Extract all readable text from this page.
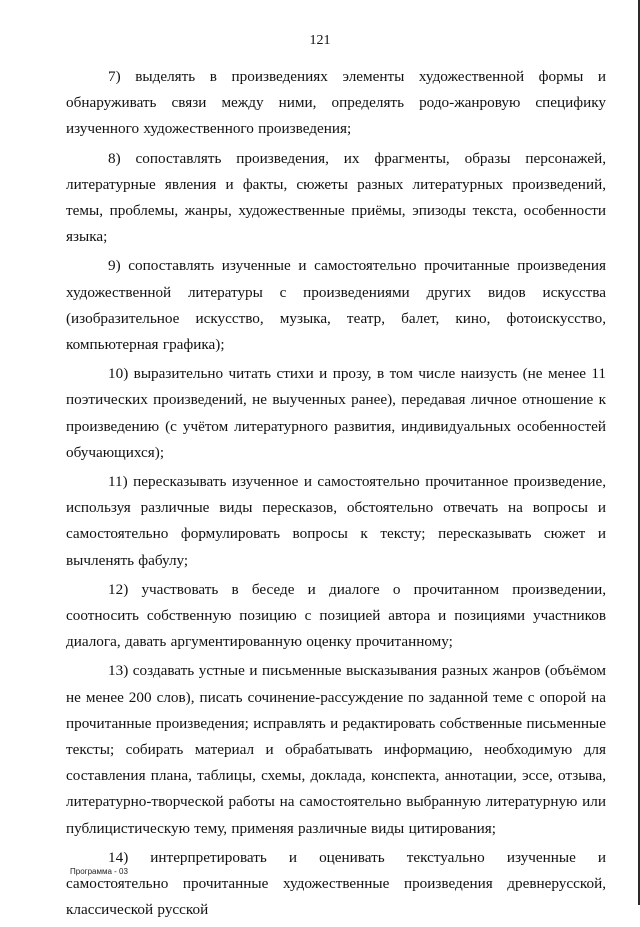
121

7) выделять в произведениях элементы художественной формы и обнаруживать связи между ними, определять родо-жанровую специфику изученного художественного произведения;

8) сопоставлять произведения, их фрагменты, образы персонажей, литературные явления и факты, сюжеты разных литературных произведений, темы, проблемы, жанры, художественные приёмы, эпизоды текста, особенности языка;

9) сопоставлять изученные и самостоятельно прочитанные произведения художественной литературы с произведениями других видов искусства (изобразительное искусство, музыка, театр, балет, кино, фотоискусство, компьютерная графика);

10) выразительно читать стихи и прозу, в том числе наизусть (не менее 11 поэтических произведений, не выученных ранее), передавая личное отношение к произведению (с учётом литературного развития, индивидуальных особенностей обучающихся);

11) пересказывать изученное и самостоятельно прочитанное произведение, используя различные виды пересказов, обстоятельно отвечать на вопросы и самостоятельно формулировать вопросы к тексту; пересказывать сюжет и вычленять фабулу;

12) участвовать в беседе и диалоге о прочитанном произведении, соотносить собственную позицию с позицией автора и позициями участников диалога, давать аргументированную оценку прочитанному;

13) создавать устные и письменные высказывания разных жанров (объёмом не менее 200 слов), писать сочинение-рассуждение по заданной теме с опорой на прочитанные произведения; исправлять и редактировать собственные письменные тексты; собирать материал и обрабатывать информацию, необходимую для составления плана, таблицы, схемы, доклада, конспекта, аннотации, эссе, отзыва, литературно-творческой работы на самостоятельно выбранную литературную или публицистическую тему, применяя различные виды цитирования;

14) интерпретировать и оценивать текстуально изученные и самостоятельно прочитанные художественные произведения древнерусской, классической русской

Программа - 03
